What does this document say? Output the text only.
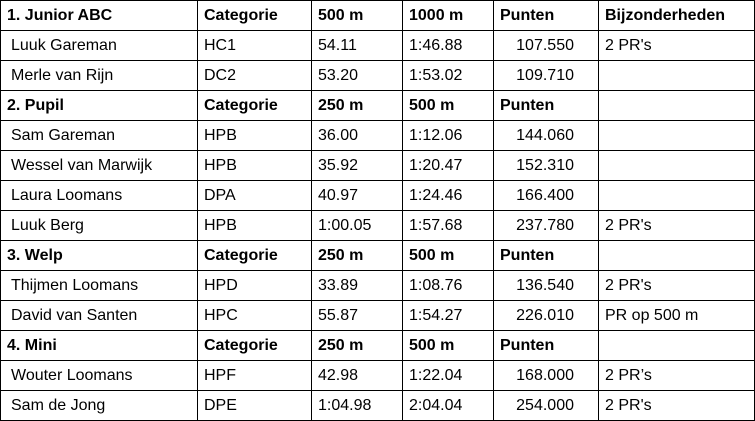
1. Junior ABC	Categorie	500 m	1000 m	Punten	Bijzonderheden
Luuk Gareman	HC1	54.11	1:46.88	107.550	2 PR's
Merle van Rijn	DC2	53.20	1:53.02	109.710	
2. Pupil	Categorie	250 m	500 m	Punten	
Sam Gareman	HPB	36.00	1:12.06	144.060	
Wessel van Marwijk	HPB	35.92	1:20.47	152.310	
Laura Loomans	DPA	40.97	1:24.46	166.400	
Luuk Berg	HPB	1:00.05	1:57.68	237.780	2 PR's
3. Welp	Categorie	250 m	500 m	Punten	
Thijmen Loomans	HPD	33.89	1:08.76	136.540	2 PR's
David van Santen	HPC	55.87	1:54.27	226.010	PR op 500 m
4. Mini	Categorie	250 m	500 m	Punten	
Wouter Loomans	HPF	42.98	1:22.04	168.000	2 PR’s
Sam de Jong	DPE	1:04.98	2:04.04	254.000	2 PR's
